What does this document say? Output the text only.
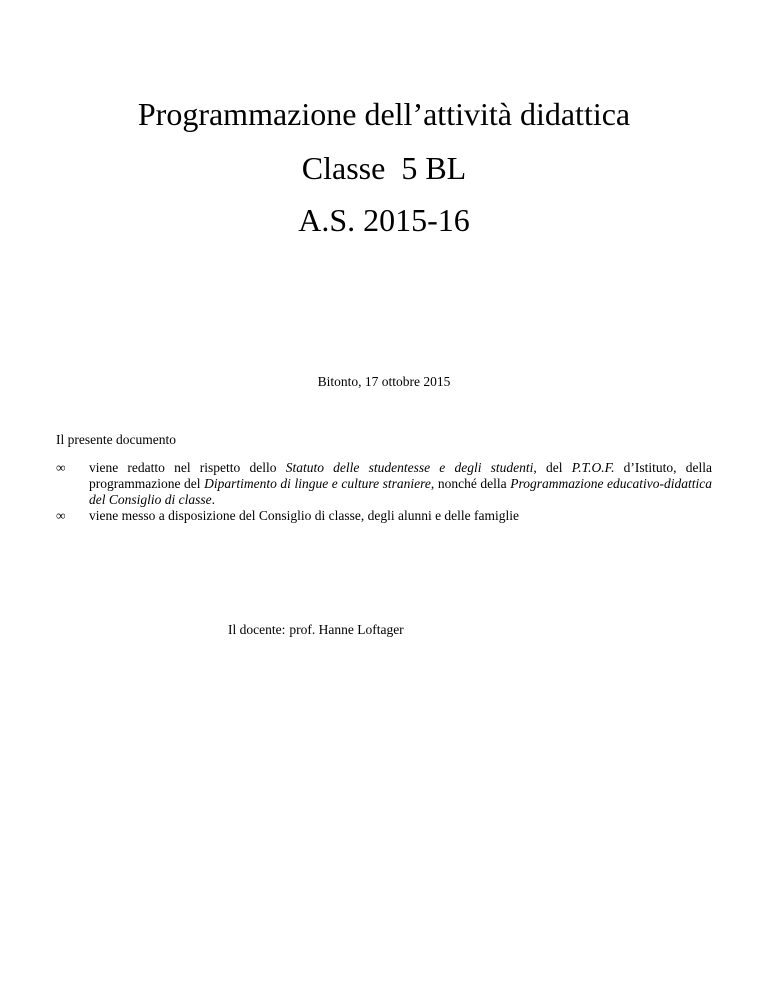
Programmazione dell’attività didattica
Classe  5 BL
A.S. 2015-16
Bitonto, 17 ottobre 2015
Il presente documento
∞	viene redatto nel rispetto dello Statuto delle studentesse e degli studenti, del P.T.O.F. d’Istituto, della programmazione del Dipartimento di lingue e culture straniere, nonché della Programmazione educativo-didattica del Consiglio di classe.
∞	viene messo a disposizione del Consiglio di classe, degli alunni e delle famiglie
Il docente: prof. Hanne Loftager
